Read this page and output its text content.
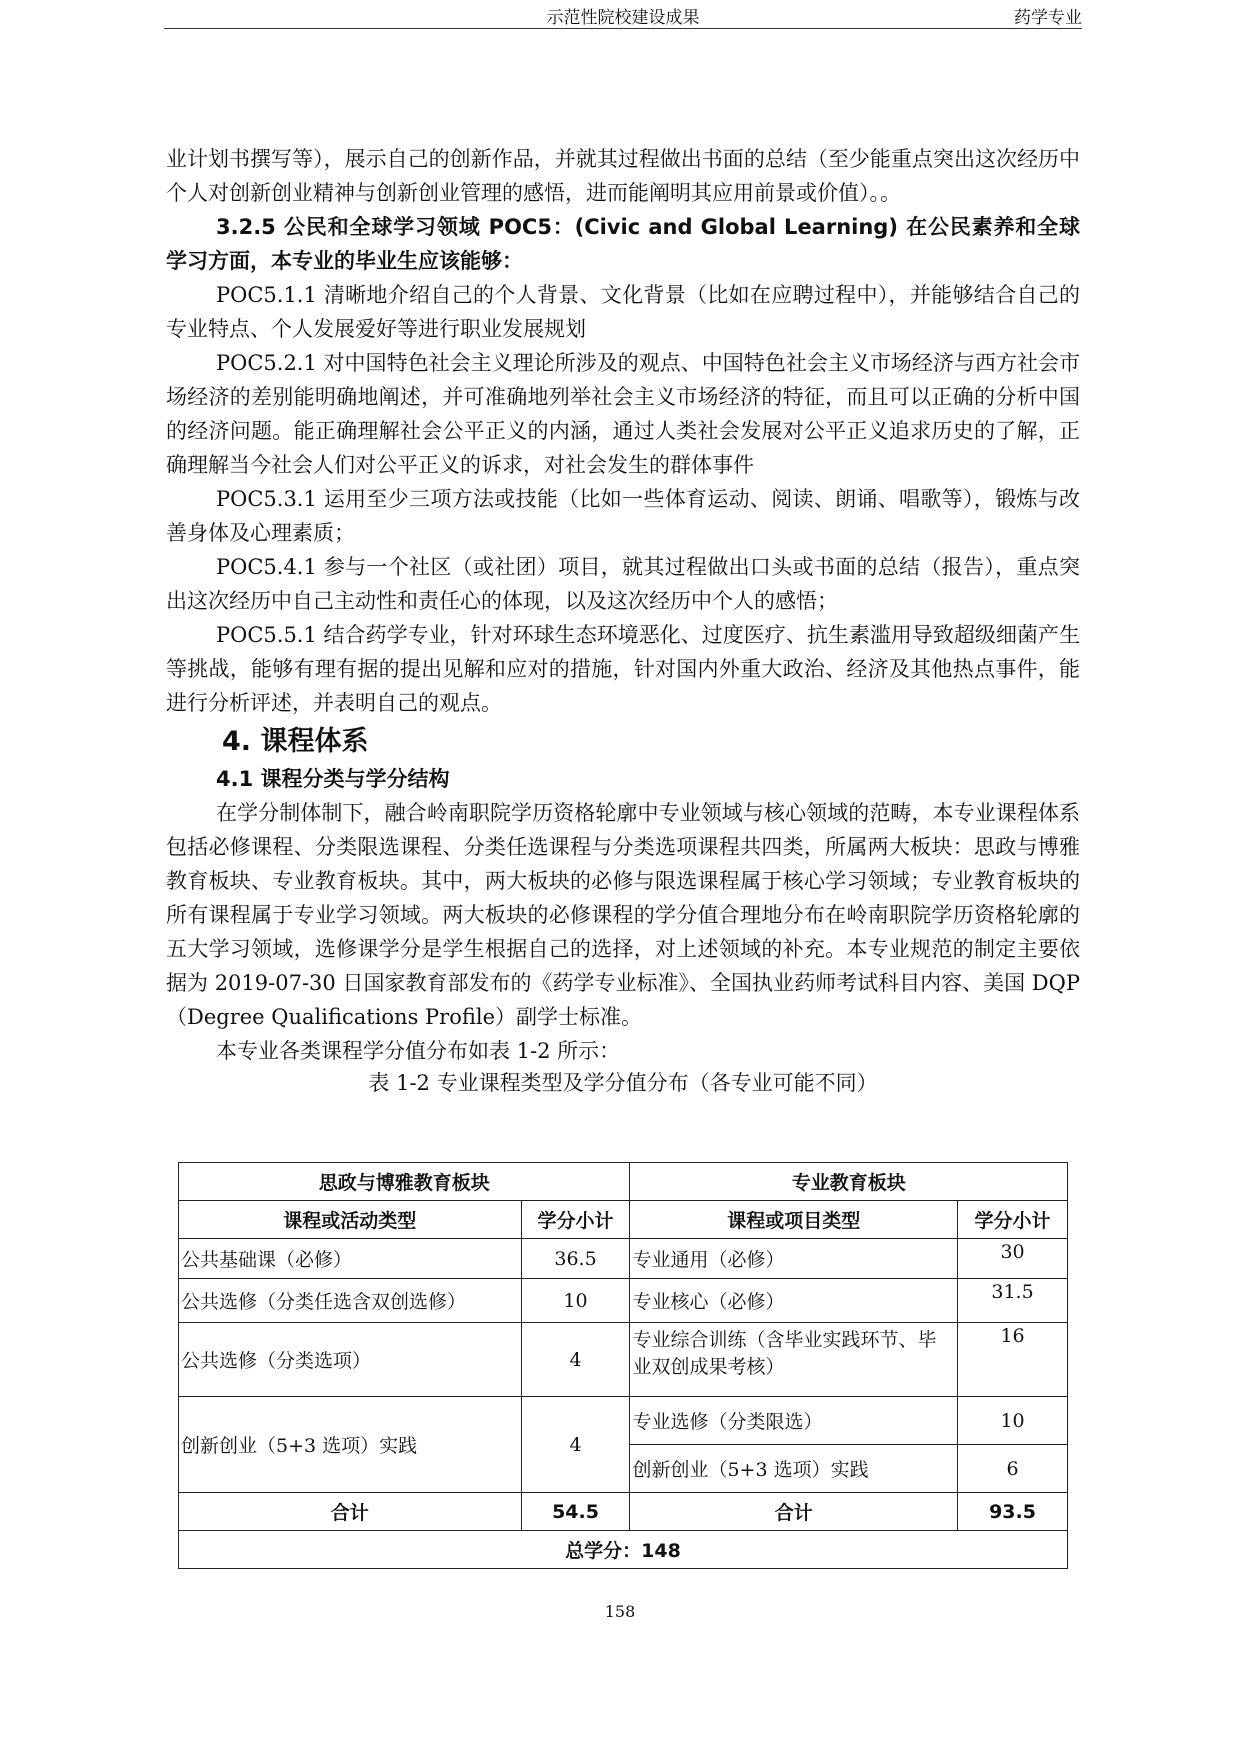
示范性院校建设成果	药学专业

业计划书撰写等），展示自己的创新作品，并就其过程做出书面的总结（至少能重点突出这次经历中个人对创新创业精神与创新创业管理的感悟，进而能阐明其应用前景或价值）。。

3.2.5 公民和全球学习领域 POC5：(Civic and Global Learning) 在公民素养和全球学习方面，本专业的毕业生应该能够：

POC5.1.1 清晰地介绍自己的个人背景、文化背景（比如在应聘过程中），并能够结合自己的专业特点、个人发展爱好等进行职业发展规划

POC5.2.1 对中国特色社会主义理论所涉及的观点、中国特色社会主义市场经济与西方社会市场经济的差别能明确地阐述，并可准确地列举社会主义市场经济的特征，而且可以正确的分析中国的经济问题。能正确理解社会公平正义的内涵，通过人类社会发展对公平正义追求历史的了解，正确理解当今社会人们对公平正义的诉求，对社会发生的群体事件

POC5.3.1 运用至少三项方法或技能（比如一些体育运动、阅读、朗诵、唱歌等），锻炼与改善身体及心理素质；

POC5.4.1 参与一个社区（或社团）项目，就其过程做出口头或书面的总结（报告），重点突出这次经历中自己主动性和责任心的体现，以及这次经历中个人的感悟；

POC5.5.1 结合药学专业，针对环球生态环境恶化、过度医疗、抗生素滥用导致超级细菌产生等挑战，能够有理有据的提出见解和应对的措施，针对国内外重大政治、经济及其他热点事件，能进行分析评述，并表明自己的观点。

4. 课程体系
4.1 课程分类与学分结构

在学分制体制下，融合岭南职院学历资格轮廓中专业领域与核心领域的范畴，本专业课程体系包括必修课程、分类限选课程、分类任选课程与分类选项课程共四类，所属两大板块：思政与博雅教育板块、专业教育板块。其中，两大板块的必修与限选课程属于核心学习领域；专业教育板块的所有课程属于专业学习领域。两大板块的必修课程的学分值合理地分布在岭南职院学历资格轮廓的五大学习领域，选修课学分是学生根据自己的选择，对上述领域的补充。本专业规范的制定主要依据为 2019-07-30 日国家教育部发布的《药学专业标准》、全国执业药师考试科目内容、美国 DQP（Degree Qualifications Profile）副学士标准。

本专业各类课程学分值分布如表 1-2 所示：

表 1-2 专业课程类型及学分值分布（各专业可能不同）
思政与博雅教育板块		专业教育板块	
课程或活动类型	学分小计	课程或项目类型	学分小计
公共基础课（必修）	36.5	专业通用（必修）	30
公共选修（分类任选含双创选修）	10	专业核心（必修）	31.5
公共选修（分类选项）	4	专业综合训练（含毕业实践环节、毕业双创成果考核）	16
创新创业（5+3 选项）实践	4	专业选修（分类限选）	10
		创新创业（5+3 选项）实践	6
合计	54.5	合计	93.5
总学分：148			
158
